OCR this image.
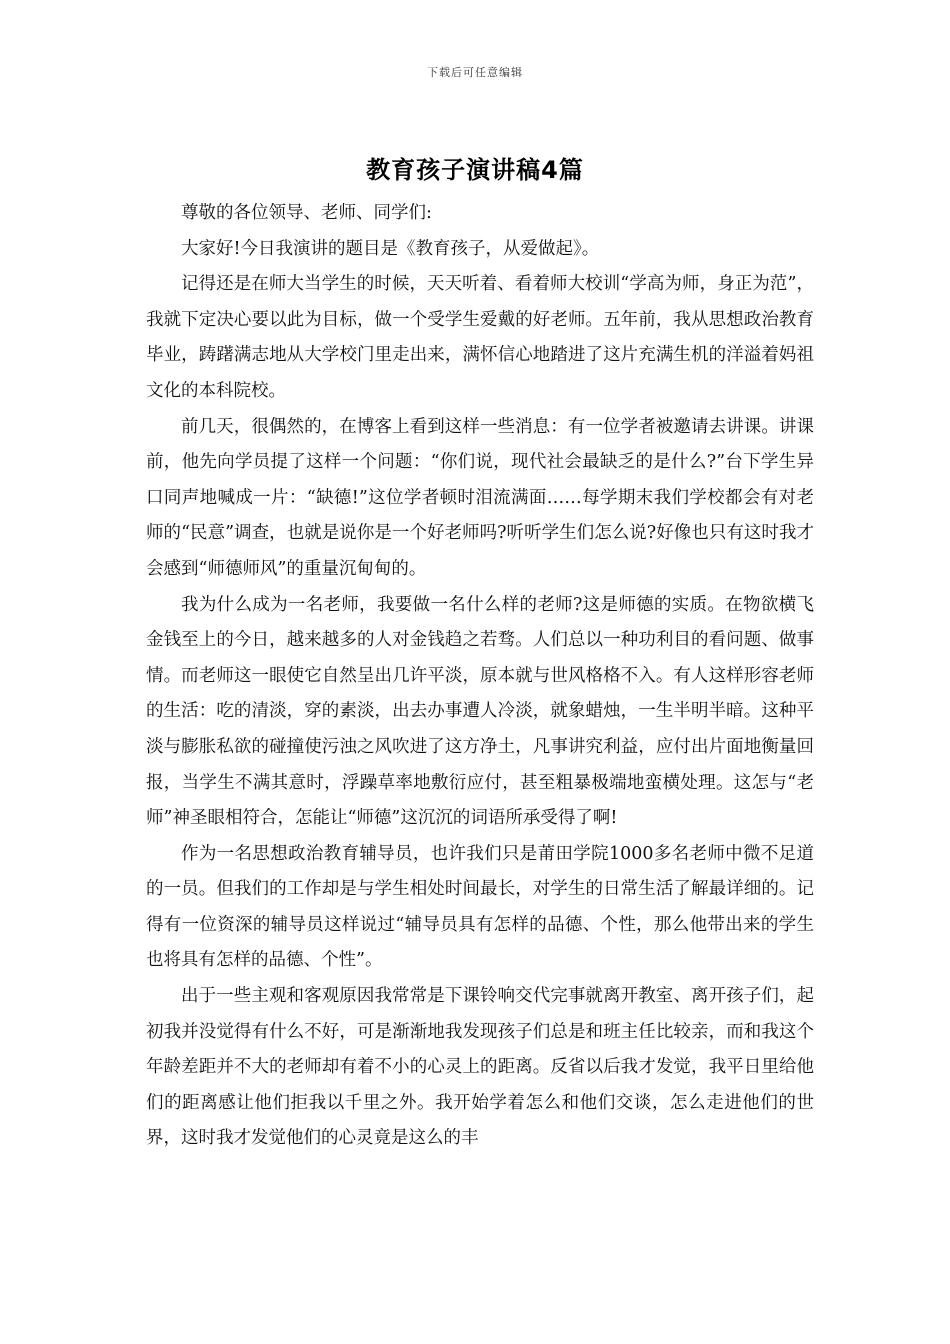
下载后可任意编辑
教育孩子演讲稿4篇

尊敬的各位领导、老师、同学们:

大家好!今日我演讲的题目是《教育孩子，从爱做起》。

记得还是在师大当学生的时候，天天听着、看着师大校训“学高为师，身正为范”，我就下定决心要以此为目标，做一个受学生爱戴的好老师。五年前，我从思想政治教育毕业，踌躇满志地从大学校门里走出来，满怀信心地踏进了这片充满生机的洋溢着妈祖文化的本科院校。

前几天，很偶然的，在博客上看到这样一些消息：有一位学者被邀请去讲课。讲课前，他先向学员提了这样一个问题：“你们说，现代社会最缺乏的是什么?”台下学生异口同声地喊成一片：“缺德!”这位学者顿时泪流满面……每学期末我们学校都会有对老师的“民意”调查，也就是说你是一个好老师吗?听听学生们怎么说?好像也只有这时我才会感到“师德师风”的重量沉甸甸的。

我为什么成为一名老师，我要做一名什么样的老师?这是师德的实质。在物欲横飞金钱至上的今日，越来越多的人对金钱趋之若骛。人们总以一种功利目的看问题、做事情。而老师这一眼使它自然呈出几许平淡，原本就与世风格格不入。有人这样形容老师的生活：吃的清淡，穿的素淡，出去办事遭人冷淡，就象蜡烛，一生半明半暗。这种平淡与膨胀私欲的碰撞使污浊之风吹进了这方净土，凡事讲究利益，应付出片面地衡量回报，当学生不满其意时，浮躁草率地敷衍应付，甚至粗暴极端地蛮横处理。这怎与“老师”神圣眼相符合，怎能让“师德”这沉沉的词语所承受得了啊!

作为一名思想政治教育辅导员，也许我们只是莆田学院1000多名老师中微不足道的一员。但我们的工作却是与学生相处时间最长，对学生的日常生活了解最详细的。记得有一位资深的辅导员这样说过“辅导员具有怎样的品德、个性，那么他带出来的学生也将具有怎样的品德、个性”。

出于一些主观和客观原因我常常是下课铃响交代完事就离开教室、离开孩子们，起初我并没觉得有什么不好，可是渐渐地我发现孩子们总是和班主任比较亲，而和我这个年龄差距并不大的老师却有着不小的心灵上的距离。反省以后我才发觉，我平日里给他们的距离感让他们拒我以千里之外。我开始学着怎么和他们交谈，怎么走进他们的世界，这时我才发觉他们的心灵竟是这么的丰
